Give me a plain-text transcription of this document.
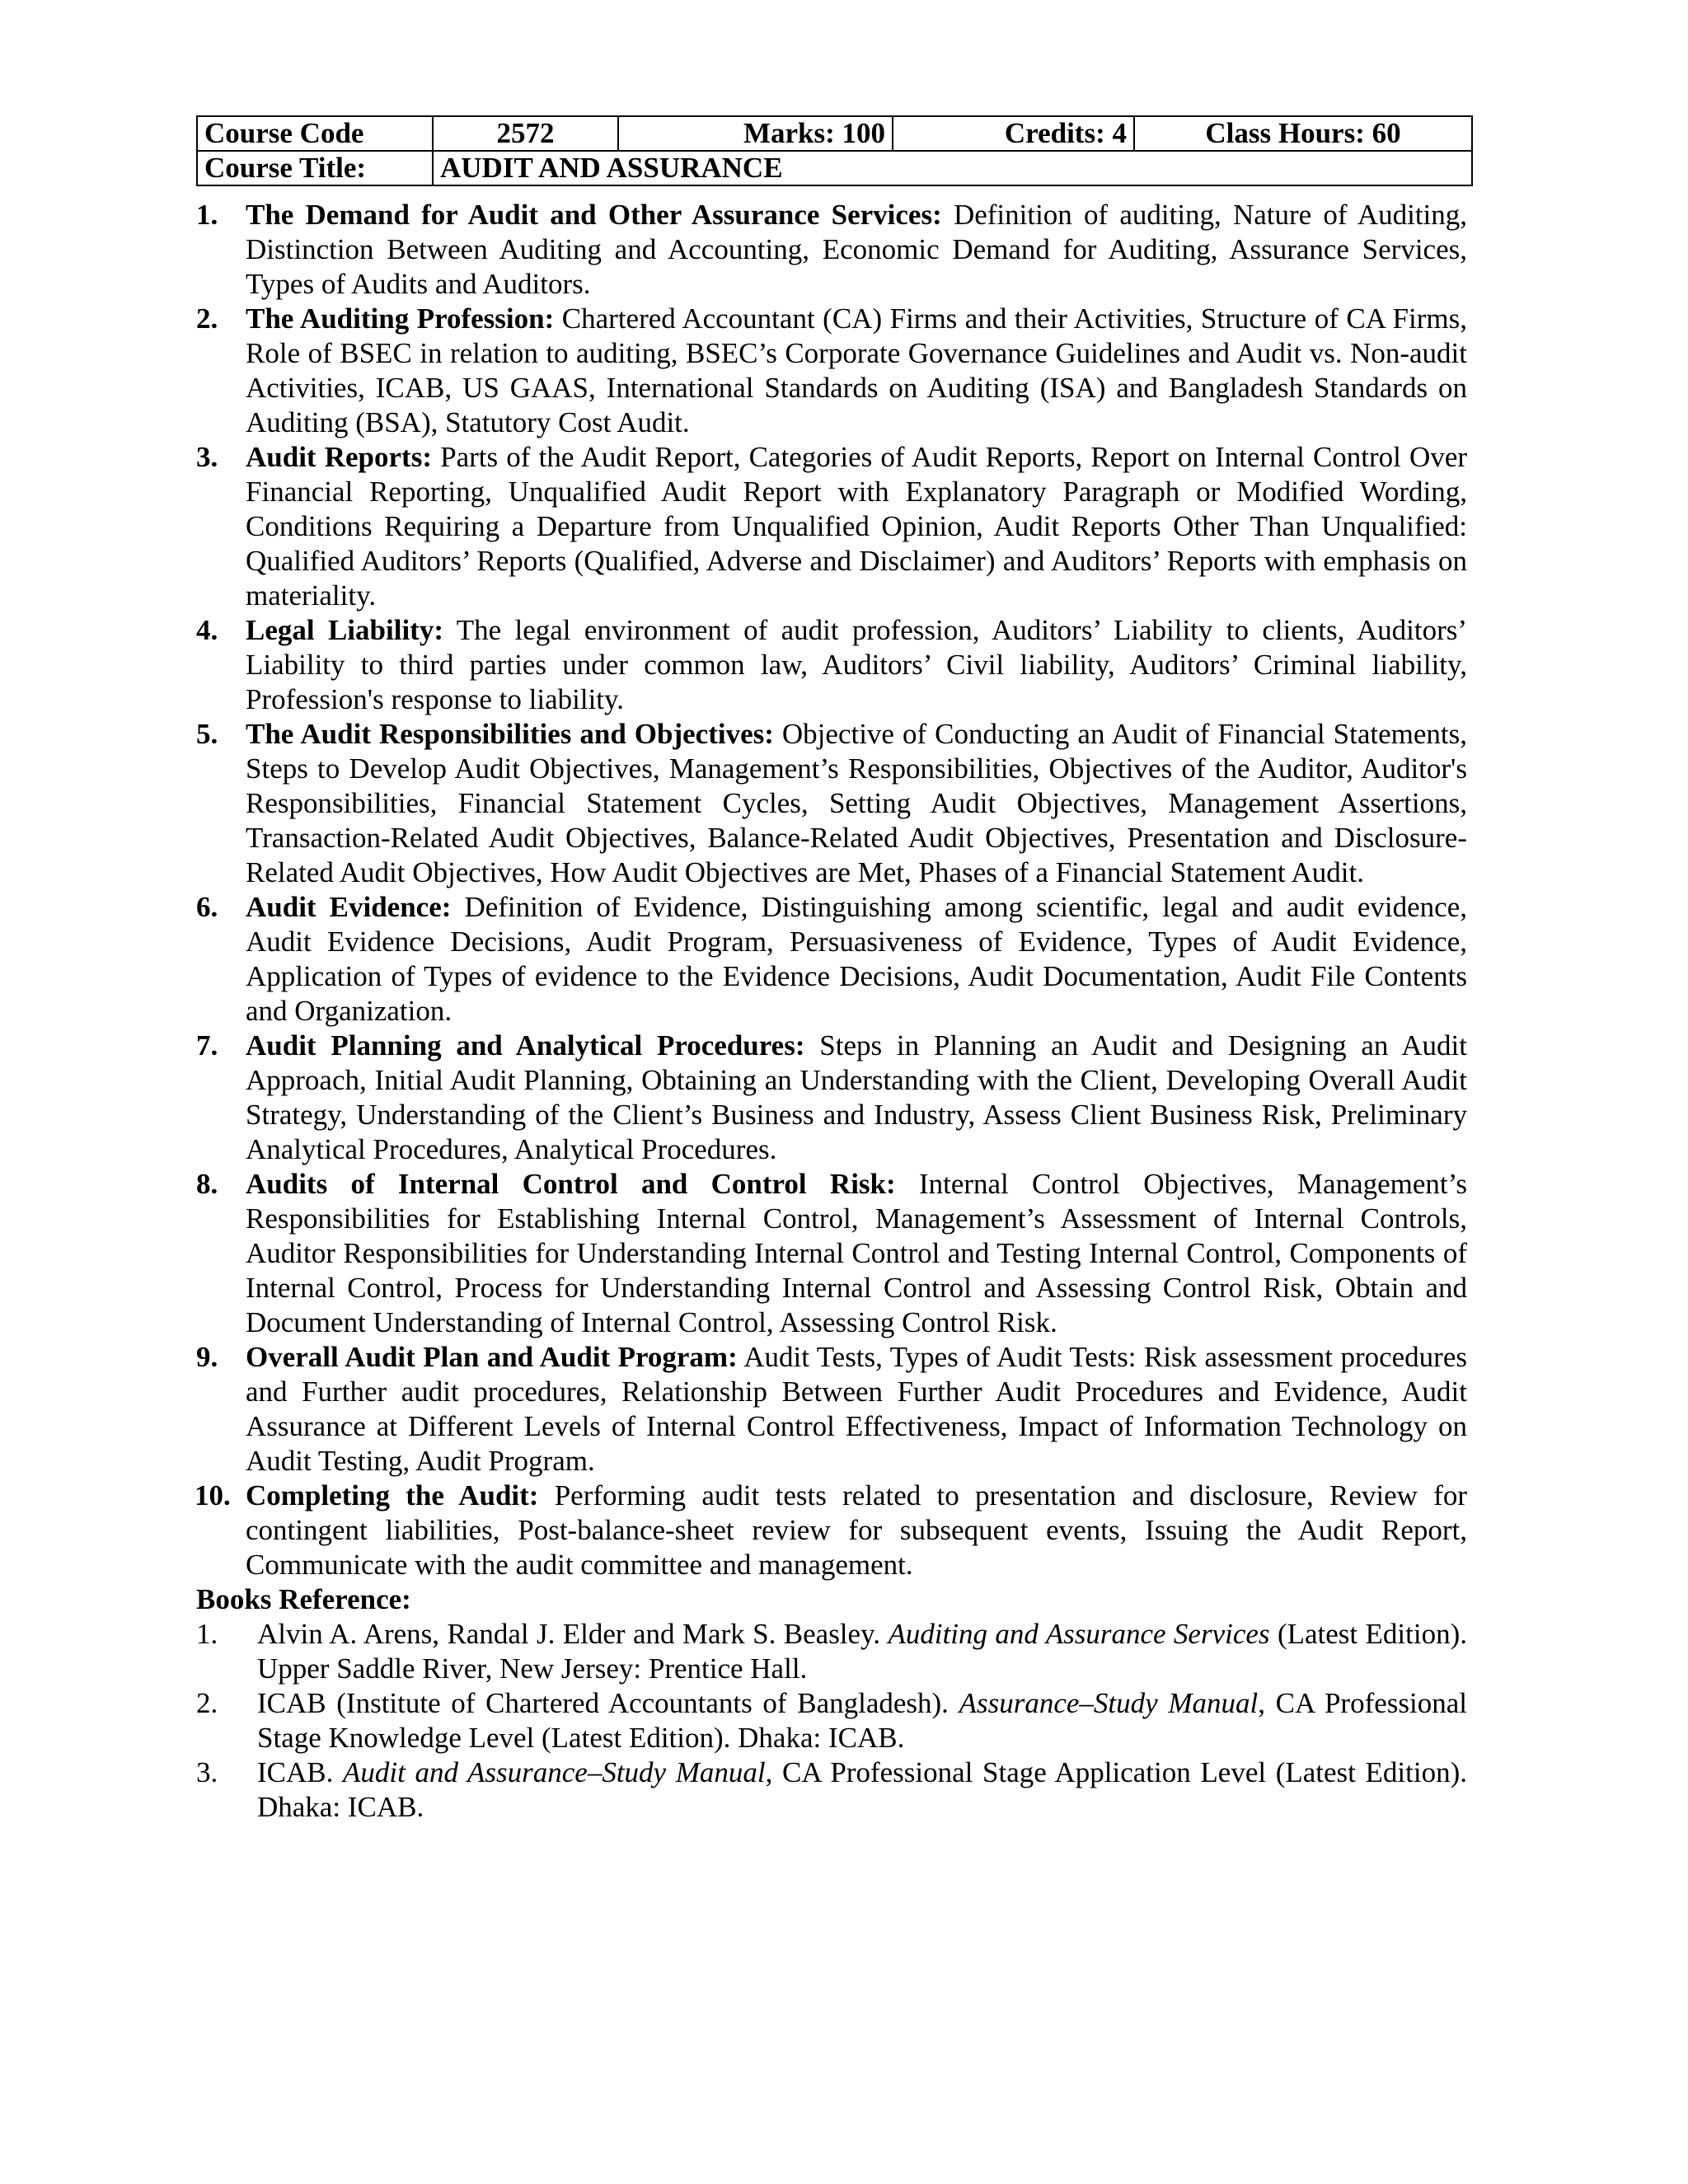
Course Code	2572	Marks: 100	Credits: 4	Class Hours: 60
Course Title:	AUDIT AND ASSURANCE			
1. The Demand for Audit and Other Assurance Services: Definition of auditing, Nature of Auditing, Distinction Between Auditing and Accounting, Economic Demand for Auditing, Assurance Services, Types of Audits and Auditors.
2. The Auditing Profession: Chartered Accountant (CA) Firms and their Activities, Structure of CA Firms, Role of BSEC in relation to auditing, BSEC’s Corporate Governance Guidelines and Audit vs. Non-audit Activities, ICAB, US GAAS, International Standards on Auditing (ISA) and Bangladesh Standards on Auditing (BSA), Statutory Cost Audit.
3. Audit Reports: Parts of the Audit Report, Categories of Audit Reports, Report on Internal Control Over Financial Reporting, Unqualified Audit Report with Explanatory Paragraph or Modified Wording, Conditions Requiring a Departure from Unqualified Opinion, Audit Reports Other Than Unqualified: Qualified Auditors’ Reports (Qualified, Adverse and Disclaimer) and Auditors’ Reports with emphasis on materiality.
4. Legal Liability: The legal environment of audit profession, Auditors’ Liability to clients, Auditors’ Liability to third parties under common law, Auditors’ Civil liability, Auditors’ Criminal liability, Profession's response to liability.
5. The Audit Responsibilities and Objectives: Objective of Conducting an Audit of Financial Statements, Steps to Develop Audit Objectives, Management’s Responsibilities, Objectives of the Auditor, Auditor's Responsibilities, Financial Statement Cycles, Setting Audit Objectives, Management Assertions, Transaction-Related Audit Objectives, Balance-Related Audit Objectives, Presentation and Disclosure-Related Audit Objectives, How Audit Objectives are Met, Phases of a Financial Statement Audit.
6. Audit Evidence: Definition of Evidence, Distinguishing among scientific, legal and audit evidence, Audit Evidence Decisions, Audit Program, Persuasiveness of Evidence, Types of Audit Evidence, Application of Types of evidence to the Evidence Decisions, Audit Documentation, Audit File Contents and Organization.
7. Audit Planning and Analytical Procedures: Steps in Planning an Audit and Designing an Audit Approach, Initial Audit Planning, Obtaining an Understanding with the Client, Developing Overall Audit Strategy, Understanding of the Client’s Business and Industry, Assess Client Business Risk, Preliminary Analytical Procedures, Analytical Procedures.
8. Audits of Internal Control and Control Risk: Internal Control Objectives, Management’s Responsibilities for Establishing Internal Control, Management’s Assessment of Internal Controls, Auditor Responsibilities for Understanding Internal Control and Testing Internal Control, Components of Internal Control, Process for Understanding Internal Control and Assessing Control Risk, Obtain and Document Understanding of Internal Control, Assessing Control Risk.
9. Overall Audit Plan and Audit Program: Audit Tests, Types of Audit Tests: Risk assessment procedures and Further audit procedures, Relationship Between Further Audit Procedures and Evidence, Audit Assurance at Different Levels of Internal Control Effectiveness, Impact of Information Technology on Audit Testing, Audit Program.
10. Completing the Audit: Performing audit tests related to presentation and disclosure, Review for contingent liabilities, Post-balance-sheet review for subsequent events, Issuing the Audit Report, Communicate with the audit committee and management.
Books Reference:
1. Alvin A. Arens, Randal J. Elder and Mark S. Beasley. Auditing and Assurance Services (Latest Edition). Upper Saddle River, New Jersey: Prentice Hall.
2. ICAB (Institute of Chartered Accountants of Bangladesh). Assurance–Study Manual, CA Professional Stage Knowledge Level (Latest Edition). Dhaka: ICAB.
3. ICAB. Audit and Assurance–Study Manual, CA Professional Stage Application Level (Latest Edition). Dhaka: ICAB.
